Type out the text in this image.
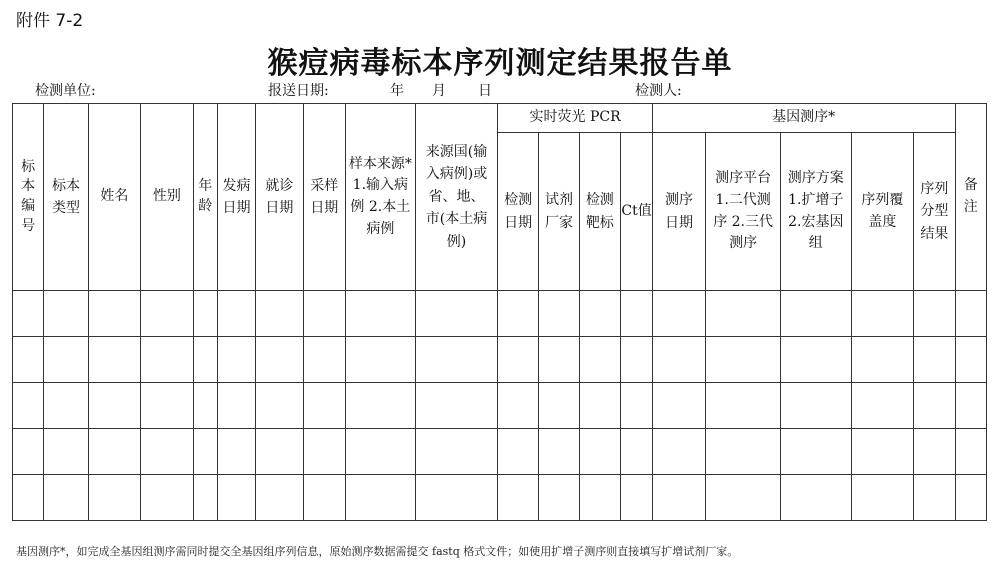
附件 7-2
猴痘病毒标本序列测定结果报告单
检测单位:	报送日期:	年 月 日	检测人:
标本编号	标本类型	姓名	性别	年龄	发病日期	就诊日期	采样日期	样本来源* 1.输入病例 2.本土病例	来源国(输入病例)或省、地、市(本土病例)	实时荧光 PCR				基因测序*					备注

										检测日期	试剂厂家	检测靶标	Ct值	测序日期	测序平台 1.二代测序 2.三代测序	测序方案 1.扩增子 2.宏基因组	序列覆盖度	序列分型结果	

基因测序*，如完成全基因组测序需同时提交全基因组序列信息，原始测序数据需提交 fastq 格式文件；如使用扩增子测序则直接填写扩增试剂厂家。
